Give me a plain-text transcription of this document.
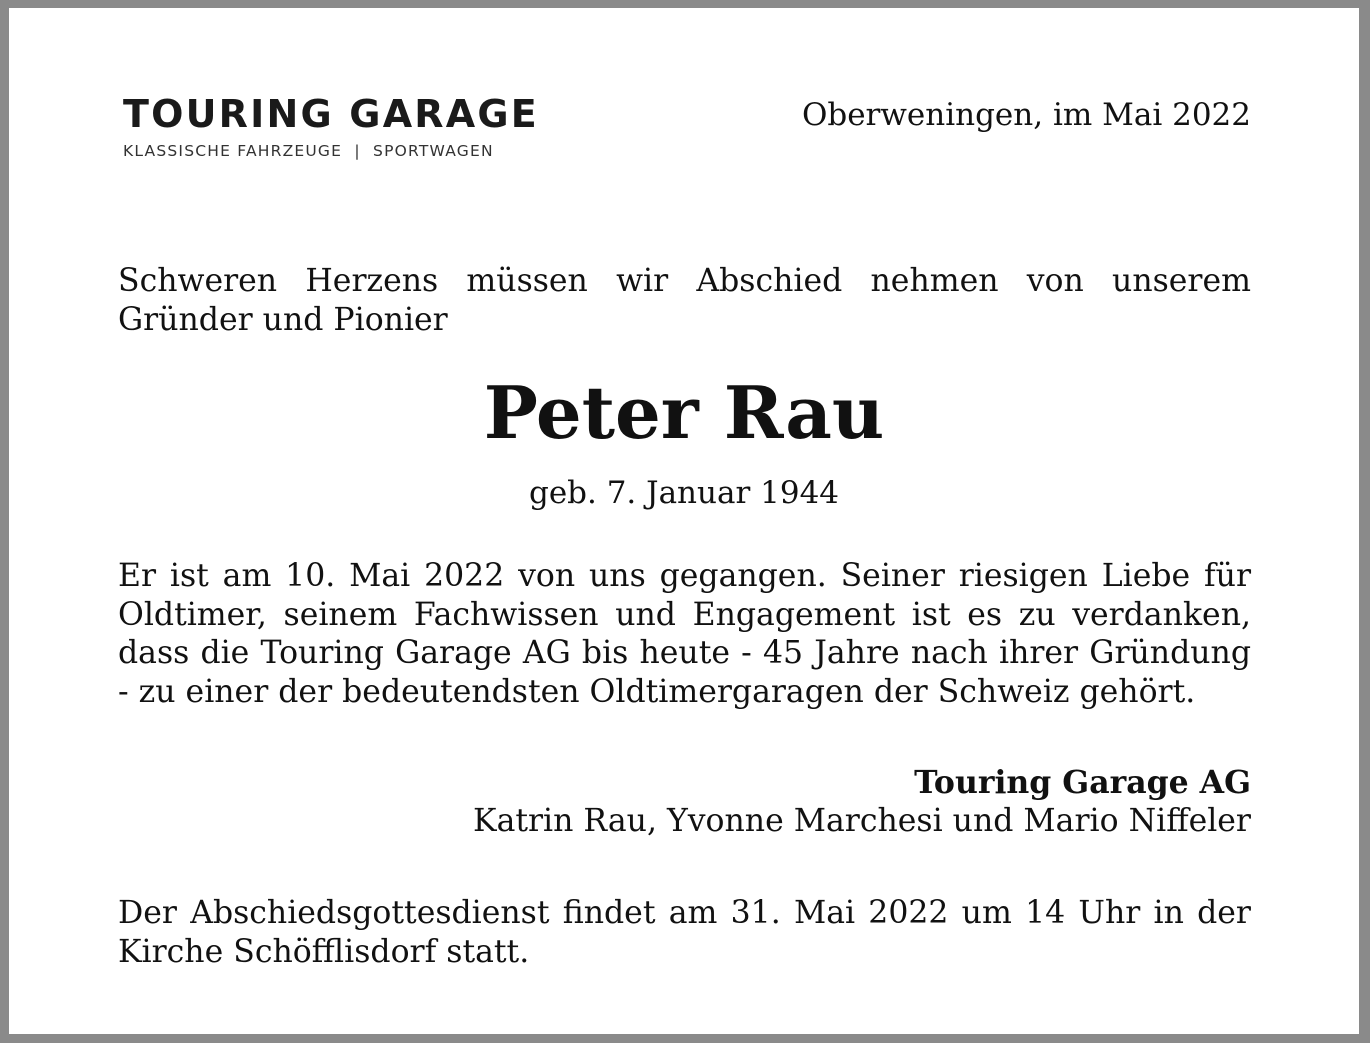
TOURING GARAGE
KLASSISCHE FAHRZEUGE  |  SPORTWAGEN
Oberweningen, im Mai 2022

Schweren Herzens müssen wir Abschied nehmen von unserem Gründer und Pionier

Peter Rau

geb. 7. Januar 1944

Er ist am 10. Mai 2022 von uns gegangen. Seiner riesigen Liebe für Oldtimer, seinem Fachwissen und Engagement ist es zu verdanken, dass die Touring Garage AG bis heute - 45 Jahre nach ihrer Gründung - zu einer der bedeutendsten Oldtimergaragen der Schweiz gehört.

Touring Garage AG
Katrin Rau, Yvonne Marchesi und Mario Niffeler

Der Abschiedsgottesdienst findet am 31. Mai 2022 um 14 Uhr in der Kirche Schöfflisdorf statt.
